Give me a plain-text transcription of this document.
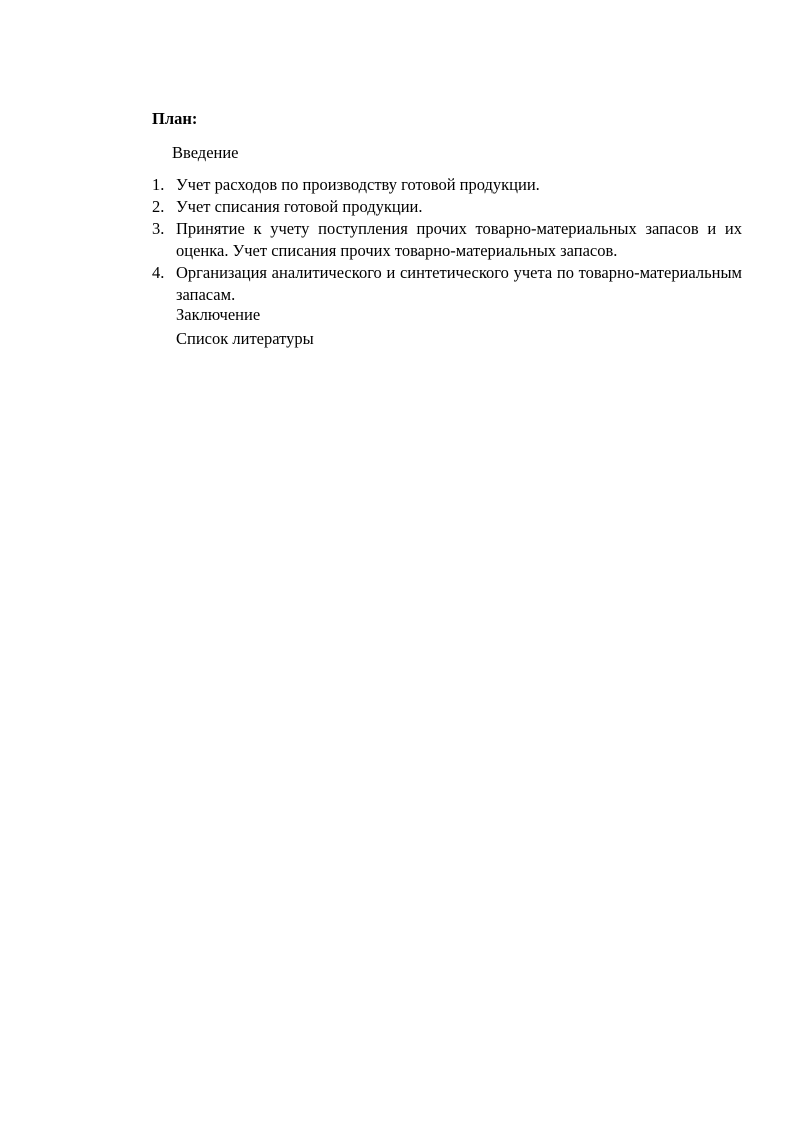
План:

Введение

1. Учет расходов по производству готовой продукции.
2. Учет списания готовой продукции.
3. Принятие к учету поступления прочих товарно-материальных запасов и их оценка. Учет списания прочих товарно-материальных запасов.
4. Организация аналитического и синтетического учета по товарно-материальным запасам.

Заключение

Список литературы
